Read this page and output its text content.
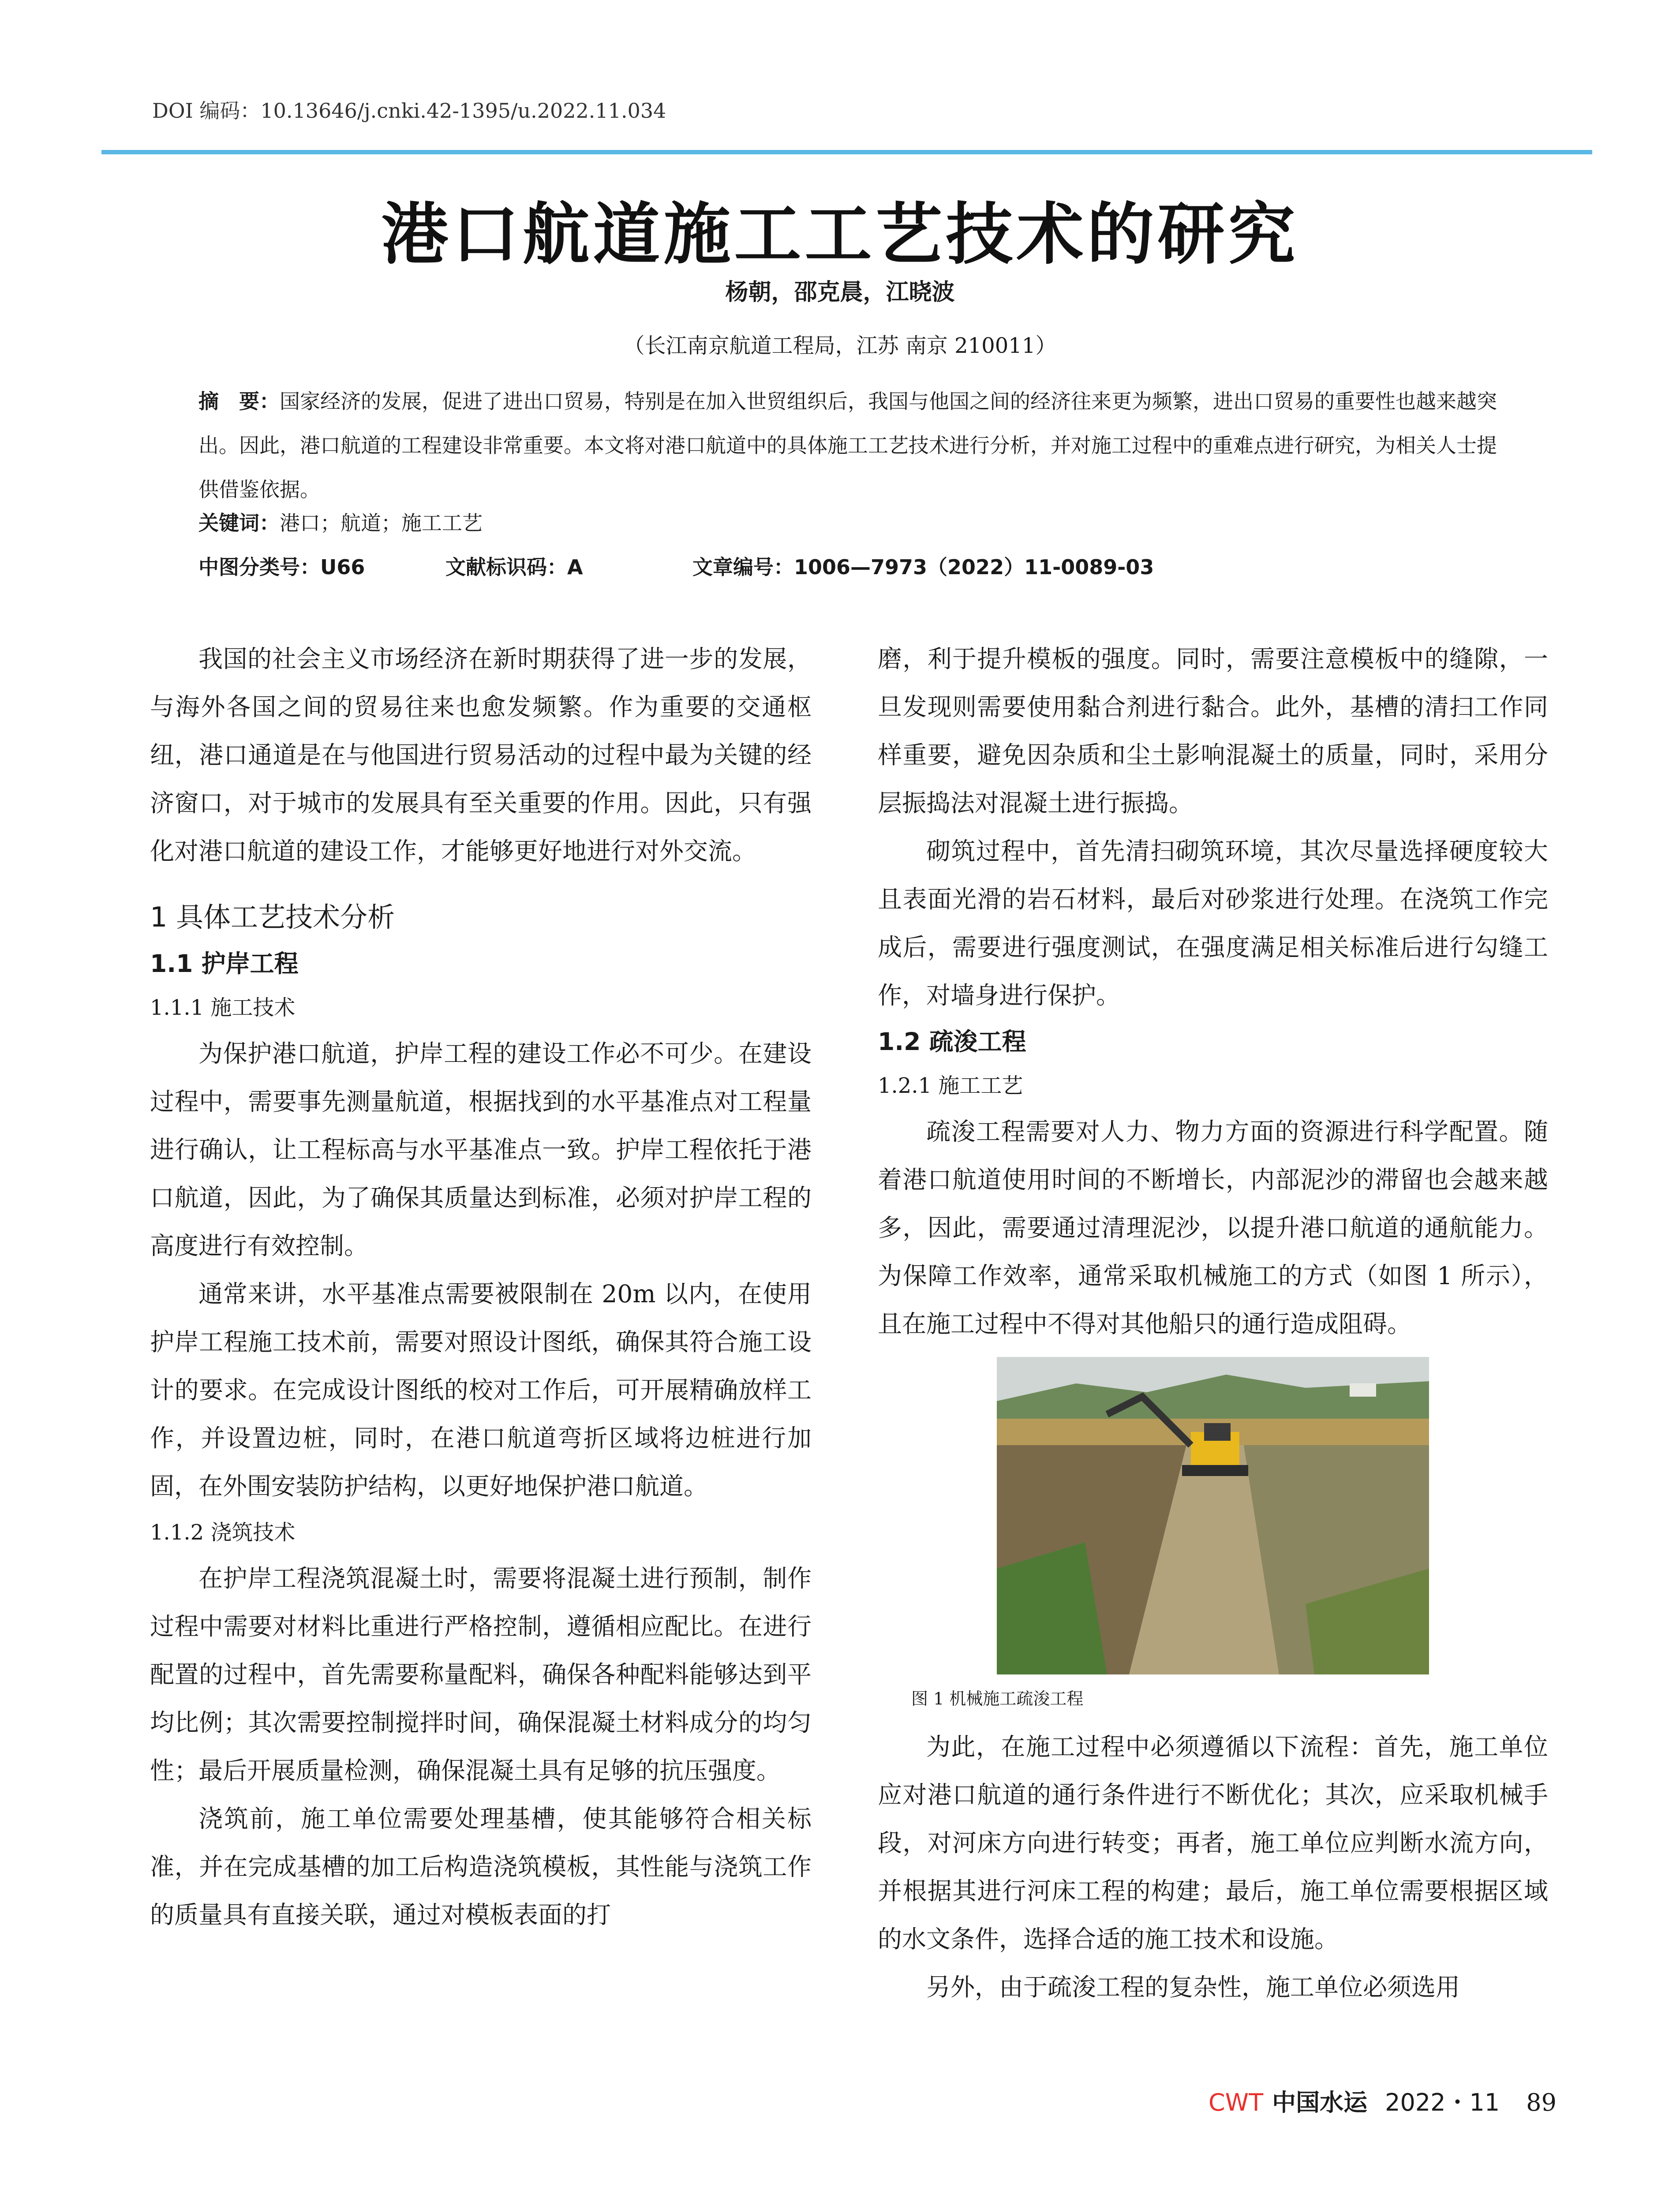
DOI 编码：10.13646/j.cnki.42-1395/u.2022.11.034
港口航道施工工艺技术的研究
杨朝，邵克晨，江晓波
（长江南京航道工程局，江苏 南京 210011）
摘　要：国家经济的发展，促进了进出口贸易，特别是在加入世贸组织后，我国与他国之间的经济往来更为频繁，进出口贸易的重要性也越来越突出。因此，港口航道的工程建设非常重要。本文将对港口航道中的具体施工工艺技术进行分析，并对施工过程中的重难点进行研究，为相关人士提供借鉴依据。
关键词：港口；航道；施工工艺
中图分类号：U66	文献标识码：A	文章编号：1006—7973（2022）11-0089-03

我国的社会主义市场经济在新时期获得了进一步的发展，与海外各国之间的贸易往来也愈发频繁。作为重要的交通枢纽，港口通道是在与他国进行贸易活动的过程中最为关键的经济窗口，对于城市的发展具有至关重要的作用。因此，只有强化对港口航道的建设工作，才能够更好地进行对外交流。

1 具体工艺技术分析
1.1 护岸工程
1.1.1 施工技术

为保护港口航道，护岸工程的建设工作必不可少。在建设过程中，需要事先测量航道，根据找到的水平基准点对工程量进行确认，让工程标高与水平基准点一致。护岸工程依托于港口航道，因此，为了确保其质量达到标准，必须对护岸工程的高度进行有效控制。

通常来讲，水平基准点需要被限制在 20m 以内，在使用护岸工程施工技术前，需要对照设计图纸，确保其符合施工设计的要求。在完成设计图纸的校对工作后，可开展精确放样工作，并设置边桩，同时，在港口航道弯折区域将边桩进行加固，在外围安装防护结构，以更好地保护港口航道。

1.1.2 浇筑技术

在护岸工程浇筑混凝土时，需要将混凝土进行预制，制作过程中需要对材料比重进行严格控制，遵循相应配比。在进行配置的过程中，首先需要称量配料，确保各种配料能够达到平均比例；其次需要控制搅拌时间，确保混凝土材料成分的均匀性；最后开展质量检测，确保混凝土具有足够的抗压强度。

浇筑前，施工单位需要处理基槽，使其能够符合相关标准，并在完成基槽的加工后构造浇筑模板，其性能与浇筑工作的质量具有直接关联，通过对模板表面的打

磨，利于提升模板的强度。同时，需要注意模板中的缝隙，一旦发现则需要使用黏合剂进行黏合。此外，基槽的清扫工作同样重要，避免因杂质和尘土影响混凝土的质量，同时，采用分层振捣法对混凝土进行振捣。

砌筑过程中，首先清扫砌筑环境，其次尽量选择硬度较大且表面光滑的岩石材料，最后对砂浆进行处理。在浇筑工作完成后，需要进行强度测试，在强度满足相关标准后进行勾缝工作，对墙身进行保护。

1.2 疏浚工程
1.2.1 施工工艺

疏浚工程需要对人力、物力方面的资源进行科学配置。随着港口航道使用时间的不断增长，内部泥沙的滞留也会越来越多，因此，需要通过清理泥沙，以提升港口航道的通航能力。为保障工作效率，通常采取机械施工的方式（如图 1 所示），且在施工过程中不得对其他船只的通行造成阻碍。

图 1 机械施工疏浚工程

为此，在施工过程中必须遵循以下流程：首先，施工单位应对港口航道的通行条件进行不断优化；其次，应采取机械手段，对河床方向进行转变；再者，施工单位应判断水流方向，并根据其进行河床工程的构建；最后，施工单位需要根据区域的水文条件，选择合适的施工技术和设施。

另外，由于疏浚工程的复杂性，施工单位必须选用

CWT 中国水运 2022・11 89
